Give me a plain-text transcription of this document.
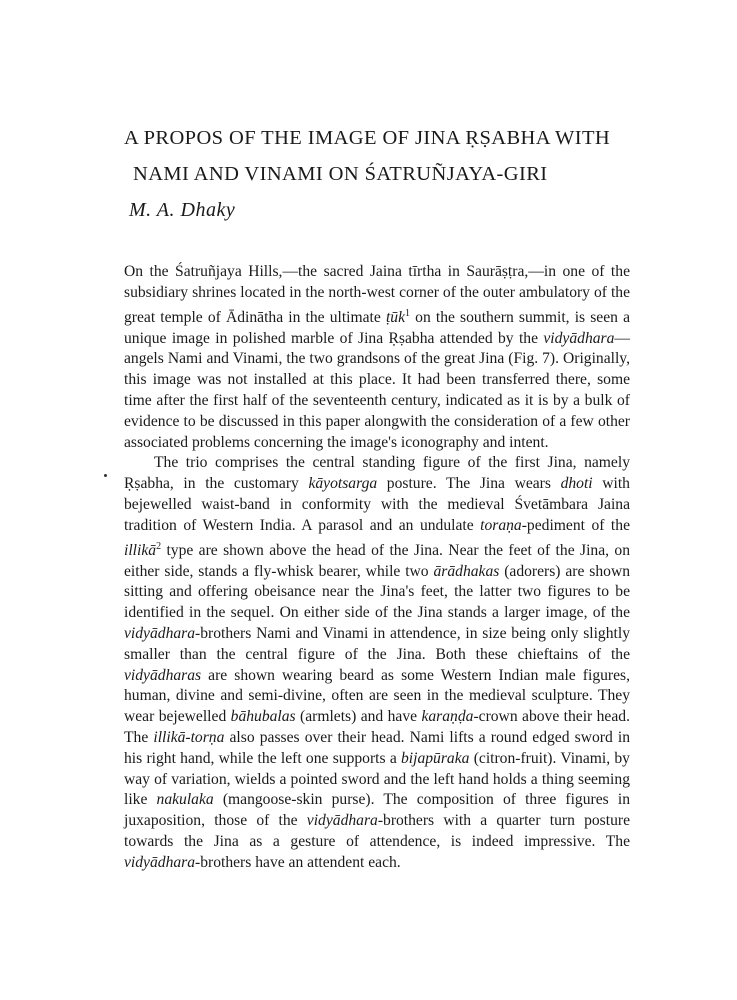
A PROPOS OF THE IMAGE OF JINA ṚṢABHA WITH
NAMI AND VINAMI ON ŚATRUÑJAYA-GIRI

M. A. Dhaky

On the Śatruñjaya Hills,—the sacred Jaina tīrtha in Saurāṣṭra,—in one of the subsidiary shrines located in the north-west corner of the outer ambulatory of the great temple of Ādinātha in the ultimate ṭūk$^1$ on the southern summit, is seen a unique image in polished marble of Jina Ṛṣabha attended by the vidyādhara—angels Nami and Vinami, the two grandsons of the great Jina (Fig. 7). Originally, this image was not installed at this place. It had been transferred there, some time after the first half of the seventeenth century, indicated as it is by a bulk of evidence to be discussed in this paper alongwith the consideration of a few other associated problems concerning the image's iconography and intent.

The trio comprises the central standing figure of the first Jina, namely Ṛṣabha, in the customary kāyotsarga posture. The Jina wears dhoti with bejewelled waist-band in conformity with the medieval Śvetāmbara Jaina tradition of Western India. A parasol and an undulate toraṇa-pediment of the illikā$^2$ type are shown above the head of the Jina. Near the feet of the Jina, on either side, stands a fly-whisk bearer, while two ārādhakas (adorers) are shown sitting and offering obeisance near the Jina's feet, the latter two figures to be identified in the sequel. On either side of the Jina stands a larger image, of the vidyādhara-brothers Nami and Vinami in attendence, in size being only slightly smaller than the central figure of the Jina. Both these chieftains of the vidyādharas are shown wearing beard as some Western Indian male figures, human, divine and semi-divine, often are seen in the medieval sculpture. They wear bejewelled bāhubalas (armlets) and have karaṇḍa-crown above their head. The illikā-torṇa also passes over their head. Nami lifts a round edged sword in his right hand, while the left one supports a bijapūraka (citron-fruit). Vinami, by way of variation, wields a pointed sword and the left hand holds a thing seeming like nakulaka (mangoose-skin purse). The composition of three figures in juxaposition, those of the vidyādhara-brothers with a quarter turn posture towards the Jina as a gesture of attendence, is indeed impressive. The vidyādhara-brothers have an attendent each.
